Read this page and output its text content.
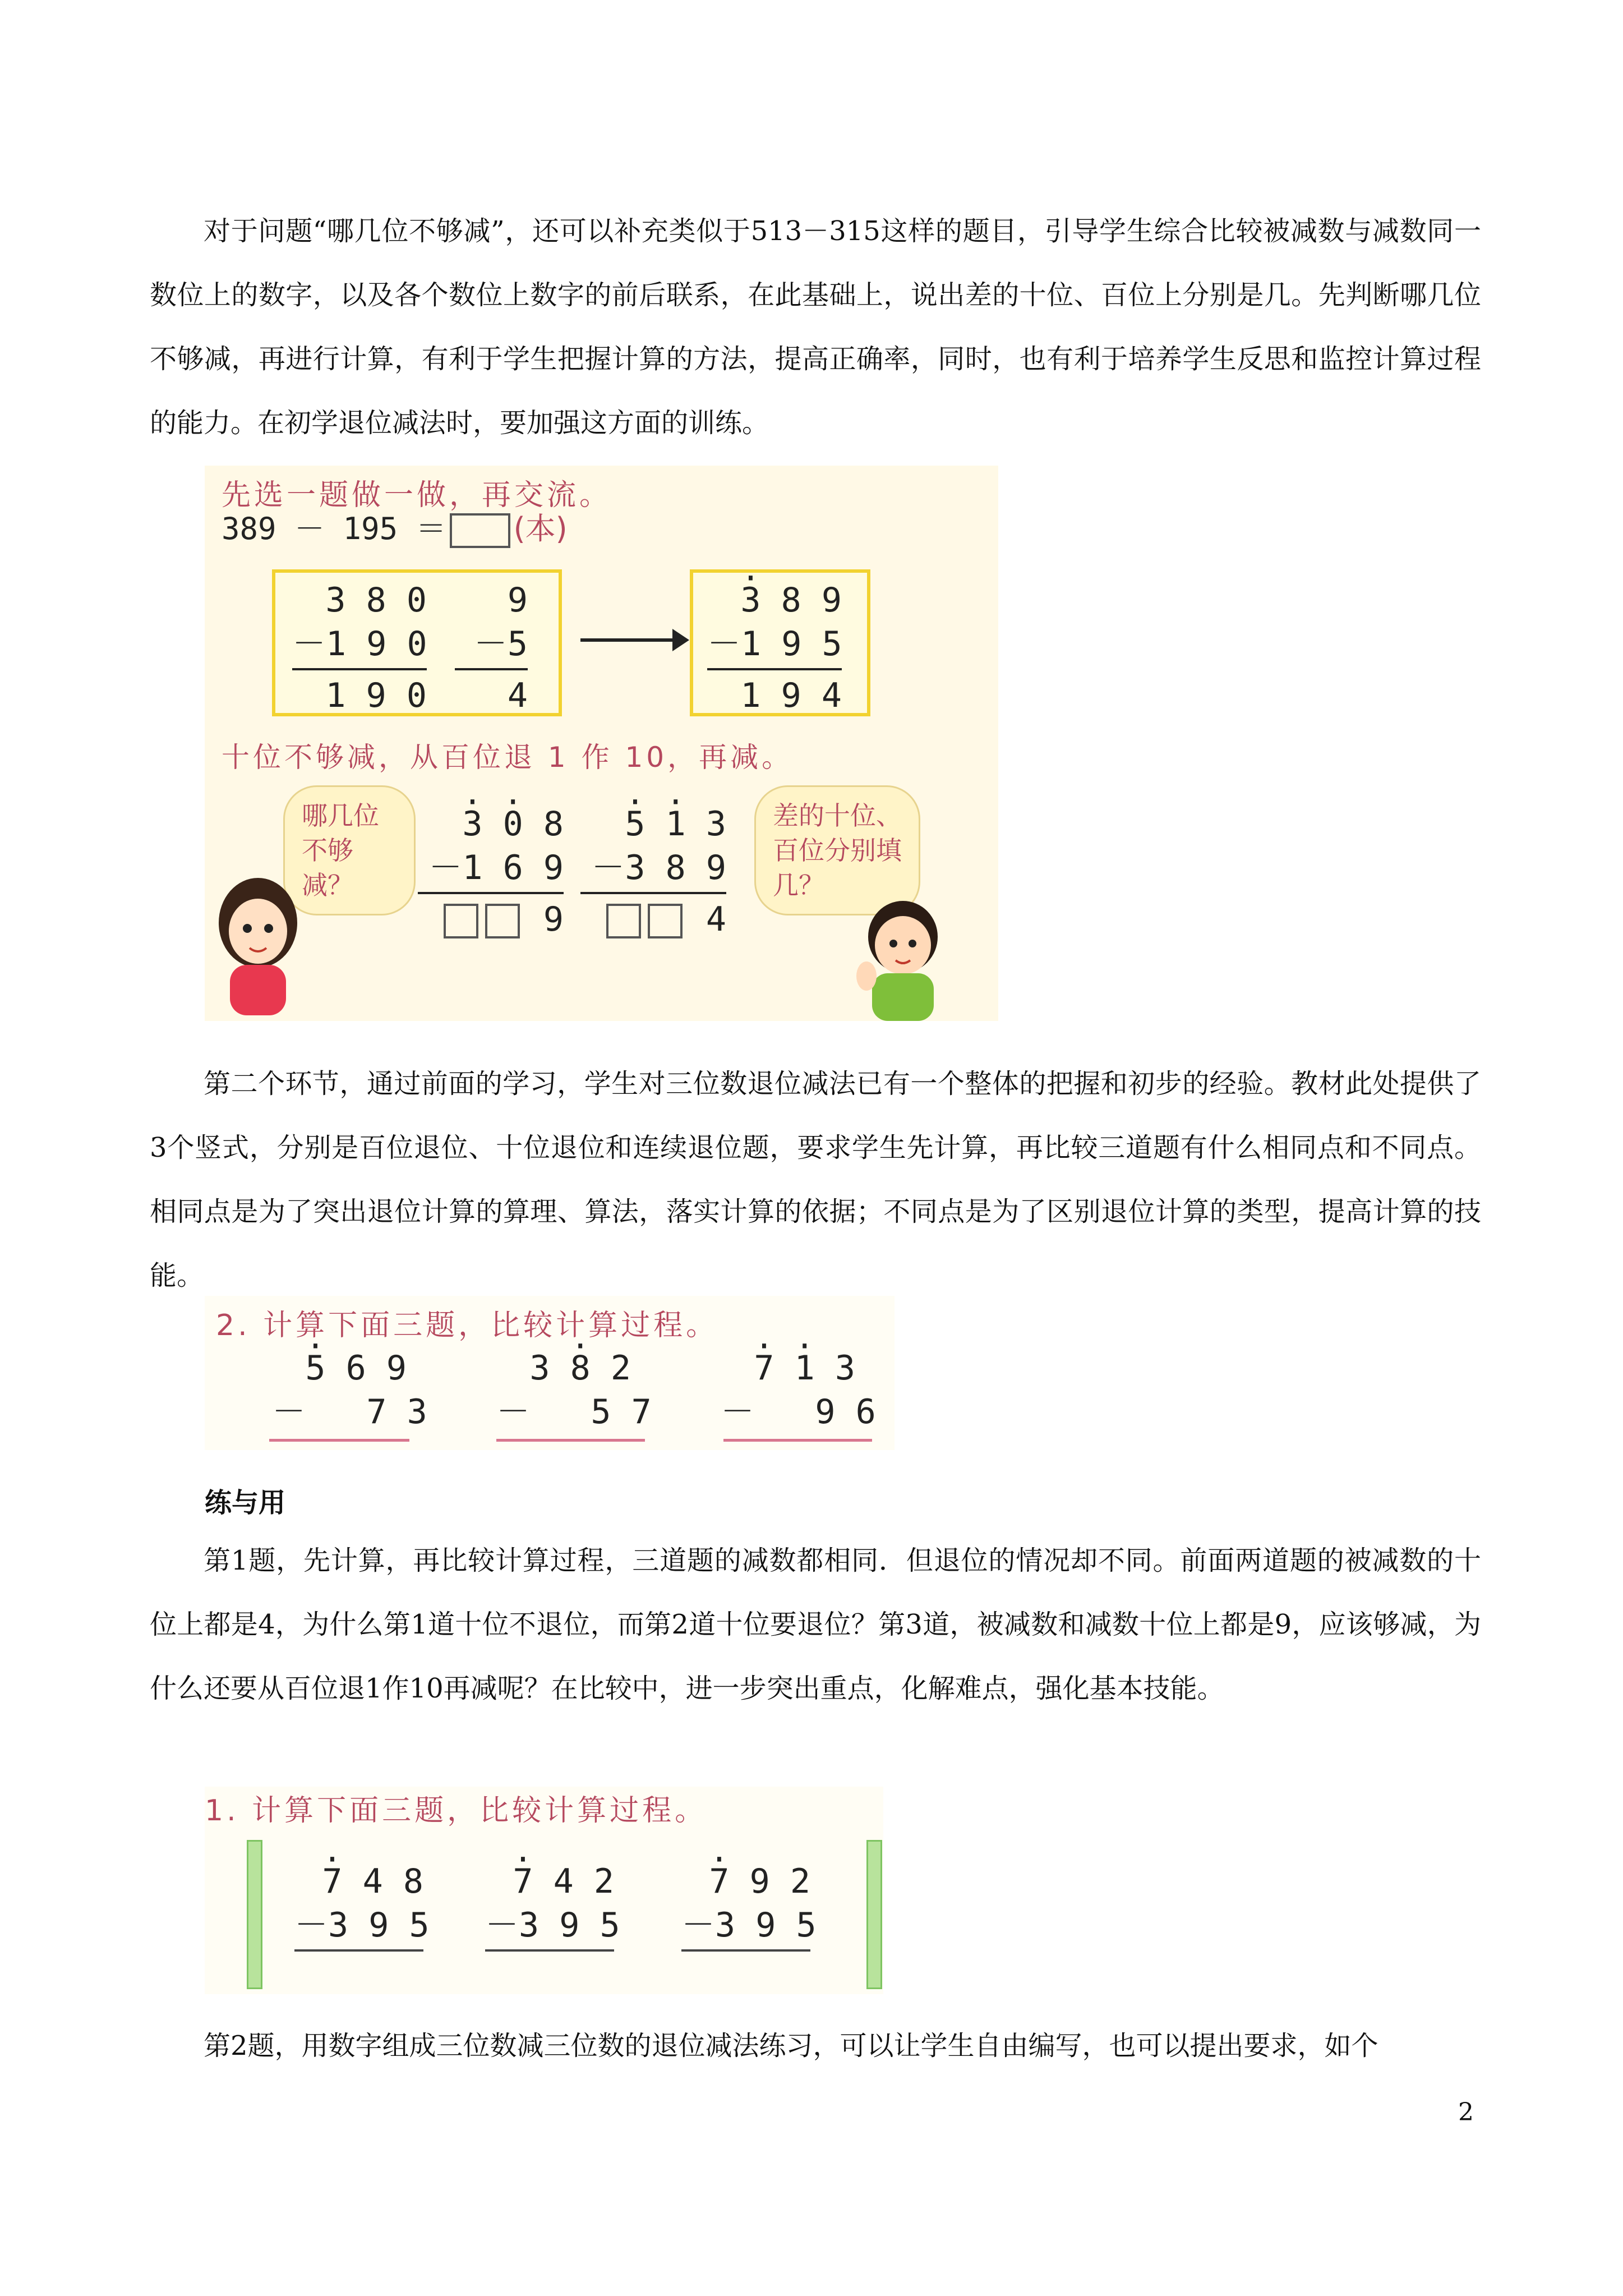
对于问题“哪几位不够减”，还可以补充类似于513－315这样的题目，引导学生综合比较被减数与减数同一数位上的数字，以及各个数位上数字的前后联系，在此基础上，说出差的十位、百位上分别是几。先判断哪几位不够减，再进行计算，有利于学生把握计算的方法，提高正确率，同时，也有利于培养学生反思和监控计算过程的能力。在初学退位减法时，要加强这方面的训练。

先选一题做一做，再交流。
389 － 195 ＝ (本)
3 8 0
－1 9 0
1 9 0
9
－5
4
· 3 8 9
－1 9 5
1 9 4
十位不够减，从百位退 1 作 10，再减。
哪几位不够减？
差的十位、百位分别填几？
· 3 · 0 8
－1 6 9
9
· 5 · 1 3
－3 8 9
4

第二个环节，通过前面的学习，学生对三位数退位减法已有一个整体的把握和初步的经验。教材此处提供了3个竖式，分别是百位退位、十位退位和连续退位题，要求学生先计算，再比较三道题有什么相同点和不同点。相同点是为了突出退位计算的算理、算法，落实计算的依据；不同点是为了区别退位计算的类型，提高计算的技能。

2. 计算下面三题，比较计算过程。
· 5 6 9
－   7 3
3 · 8 2
－   5 7
· 7 · 1 3
－   9 6
练与用

第1题，先计算，再比较计算过程，三道题的减数都相同．但退位的情况却不同。前面两道题的被减数的十位上都是4，为什么第1道十位不退位，而第2道十位要退位？第3道，被减数和减数十位上都是9，应该够减，为什么还要从百位退1作10再减呢？在比较中，进一步突出重点，化解难点，强化基本技能。

1. 计算下面三题，比较计算过程。
· 7 4 8
－3 9 5
· 7 4 2
－3 9 5
· 7 9 2
－3 9 5

第2题，用数字组成三位数减三位数的退位减法练习，可以让学生自由编写，也可以提出要求，如个

2
